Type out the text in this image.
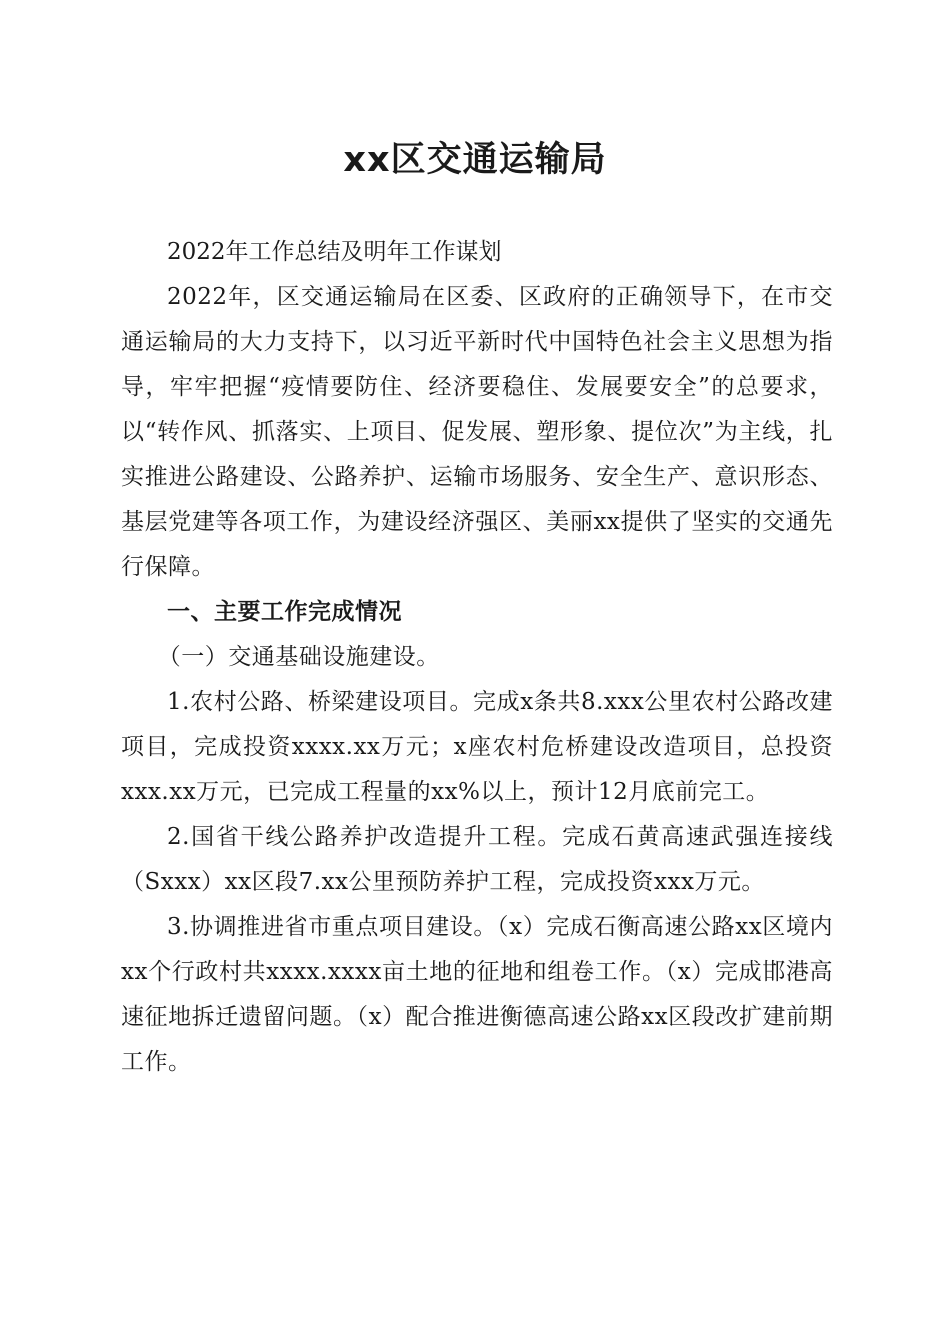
xx区交通运输局

2022年工作总结及明年工作谋划

2022年，区交通运输局在区委、区政府的正确领导下，在市交通运输局的大力支持下，以习近平新时代中国特色社会主义思想为指导，牢牢把握“疫情要防住、经济要稳住、发展要安全”的总要求，以“转作风、抓落实、上项目、促发展、塑形象、提位次”为主线，扎实推进公路建设、公路养护、运输市场服务、安全生产、意识形态、基层党建等各项工作，为建设经济强区、美丽xx提供了坚实的交通先行保障。

一、主要工作完成情况

（一）交通基础设施建设。

1.农村公路、桥梁建设项目。完成x条共8.xxx公里农村公路改建项目，完成投资xxxx.xx万元；x座农村危桥建设改造项目，总投资xxx.xx万元，已完成工程量的xx%以上，预计12月底前完工。

2.国省干线公路养护改造提升工程。完成石黄高速武强连接线（Sxxx）xx区段7.xx公里预防养护工程，完成投资xxx万元。

3.协调推进省市重点项目建设。（x）完成石衡高速公路xx区境内xx个行政村共xxxx.xxxx亩土地的征地和组卷工作。（x）完成邯港高速征地拆迁遗留问题。（x）配合推进衡德高速公路xx区段改扩建前期工作。
